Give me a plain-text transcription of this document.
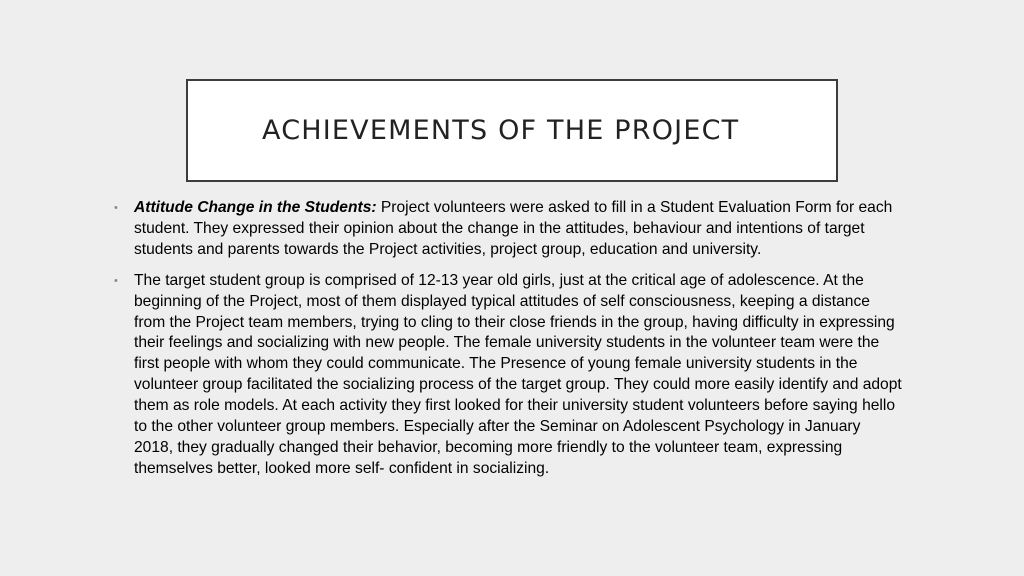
ACHIEVEMENTS OF THE PROJECT
• Attitude Change in the Students: Project volunteers were asked to fill in a Student Evaluation Form for each student. They expressed their opinion about the change in the attitudes, behaviour and intentions of target students and parents towards the Project activities, project group, education and university.
• The target student group is comprised of 12-13 year old girls, just at the critical age of adolescence. At the beginning of the Project, most of them displayed typical attitudes of self consciousness, keeping a distance from the Project team members, trying to cling to their close friends in the group, having difficulty in expressing their feelings and socializing with new people. The female university students in the volunteer team were the first people with whom they could communicate. The Presence of young female university students in the volunteer group facilitated the socializing process of the target group. They could more easily identify and adopt them as role models. At each activity they first looked for their university student volunteers before saying hello to the other volunteer group members. Especially after the Seminar on Adolescent Psychology in January 2018, they gradually changed their behavior, becoming more friendly to the volunteer team, expressing themselves better, looked more self- confident in socializing.
